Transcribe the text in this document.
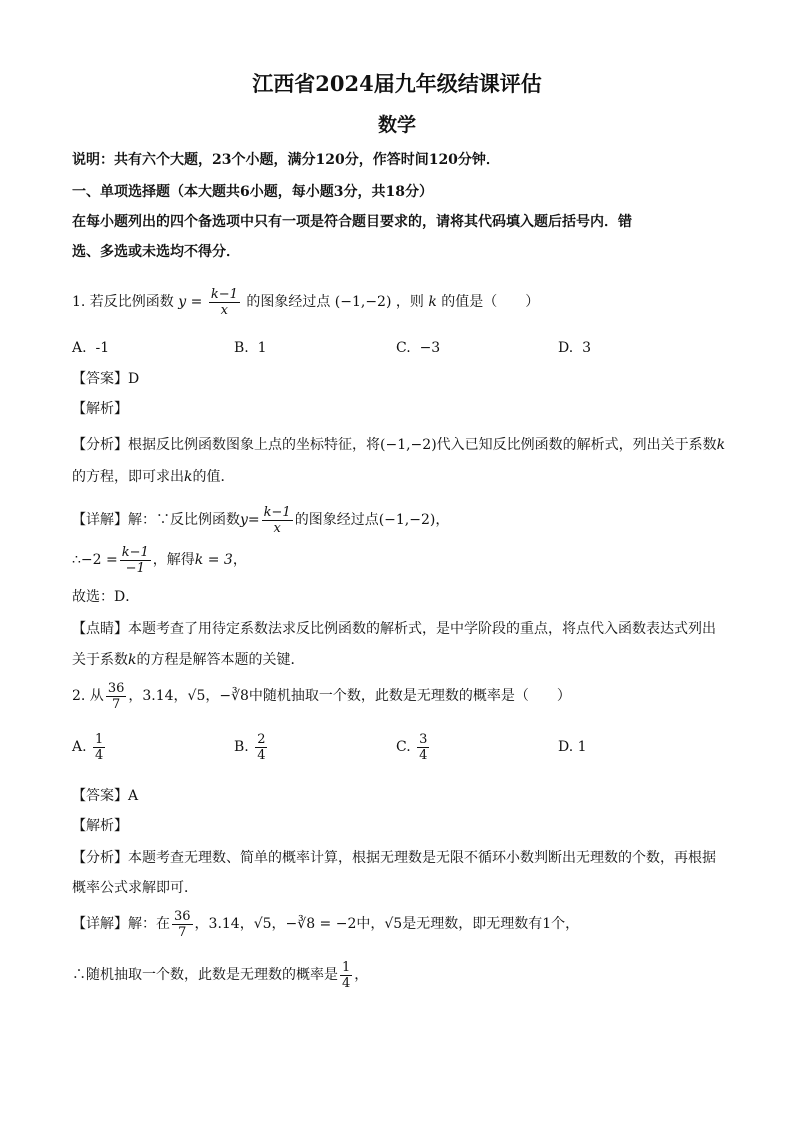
江西省2024届九年级结课评估
数学
说明：共有六个大题，23个小题，满分120分，作答时间120分钟．
一、单项选择题（本大题共6小题，每小题3分，共18分）
在每小题列出的四个备选项中只有一项是符合题目要求的，请将其代码填入题后括号内．错
选、多选或未选均不得分．
1. 若反比例函数 $y = \frac{k-1}{x}$ 的图象经过点 (−1,−2) ，则 k 的值是（　　）
A. -1	B. 1	C. −3	D. 3
【答案】D
【解析】
【分析】根据反比例函数图象上点的坐标特征，将(−1,−2)代入已知反比例函数的解析式，列出关于系数k
的方程，即可求出k的值．
【详解】解：∵反比例函数$y= \frac{k-1}{x}$ 的图象经过点(−1,−2)，
∴−2 = $\frac{k-1}{-1}$ ，解得k = 3，
故选：D．
【点睛】本题考查了用待定系数法求反比例函数的解析式，是中学阶段的重点，将点代入函数表达式列出
关于系数k的方程是解答本题的关键．
2. 从 $\frac{36}{7}$ ，3.14，√5，−∛8中随机抽取一个数，此数是无理数的概率是（　　）
A. $\frac{1}{4}$	B. $\frac{2}{4}$	C. $\frac{3}{4}$	D. 1
【答案】A
【解析】
【分析】本题考查无理数、简单的概率计算，根据无理数是无限不循环小数判断出无理数的个数，再根据
概率公式求解即可．
【详解】解：在 $\frac{36}{7}$ ，3.14，√5，−∛8 = −2中，√5是无理数，即无理数有1个，
∴随机抽取一个数，此数是无理数的概率是 $\frac{1}{4}$ ，
